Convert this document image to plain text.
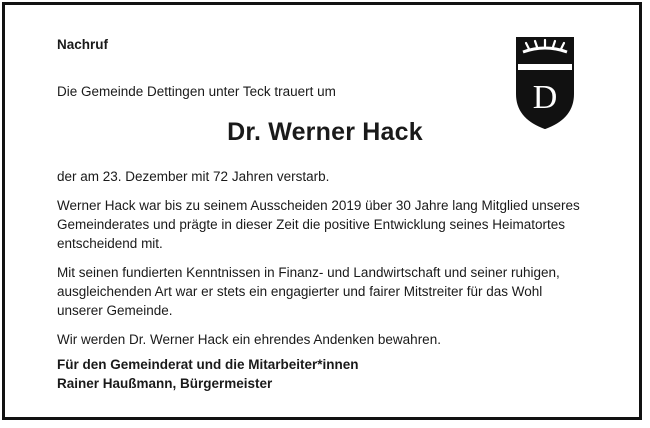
Nachruf

Die Gemeinde Dettingen unter Teck trauert um

Dr. Werner Hack

der am 23. Dezember mit 72 Jahren verstarb.

Werner Hack war bis zu seinem Ausscheiden 2019 über 30 Jahre lang Mitglied unseres Gemeinderates und prägte in dieser Zeit die positive Entwicklung seines Heimatortes entscheidend mit.

Mit seinen fundierten Kenntnissen in Finanz- und Landwirtschaft und seiner ruhigen, ausgleichenden Art war er stets ein engagierter und fairer Mitstreiter für das Wohl unserer Gemeinde.

Wir werden Dr. Werner Hack ein ehrendes Andenken bewahren.

Für den Gemeinderat und die Mitarbeiter*innen
Rainer Haußmann, Bürgermeister
D
